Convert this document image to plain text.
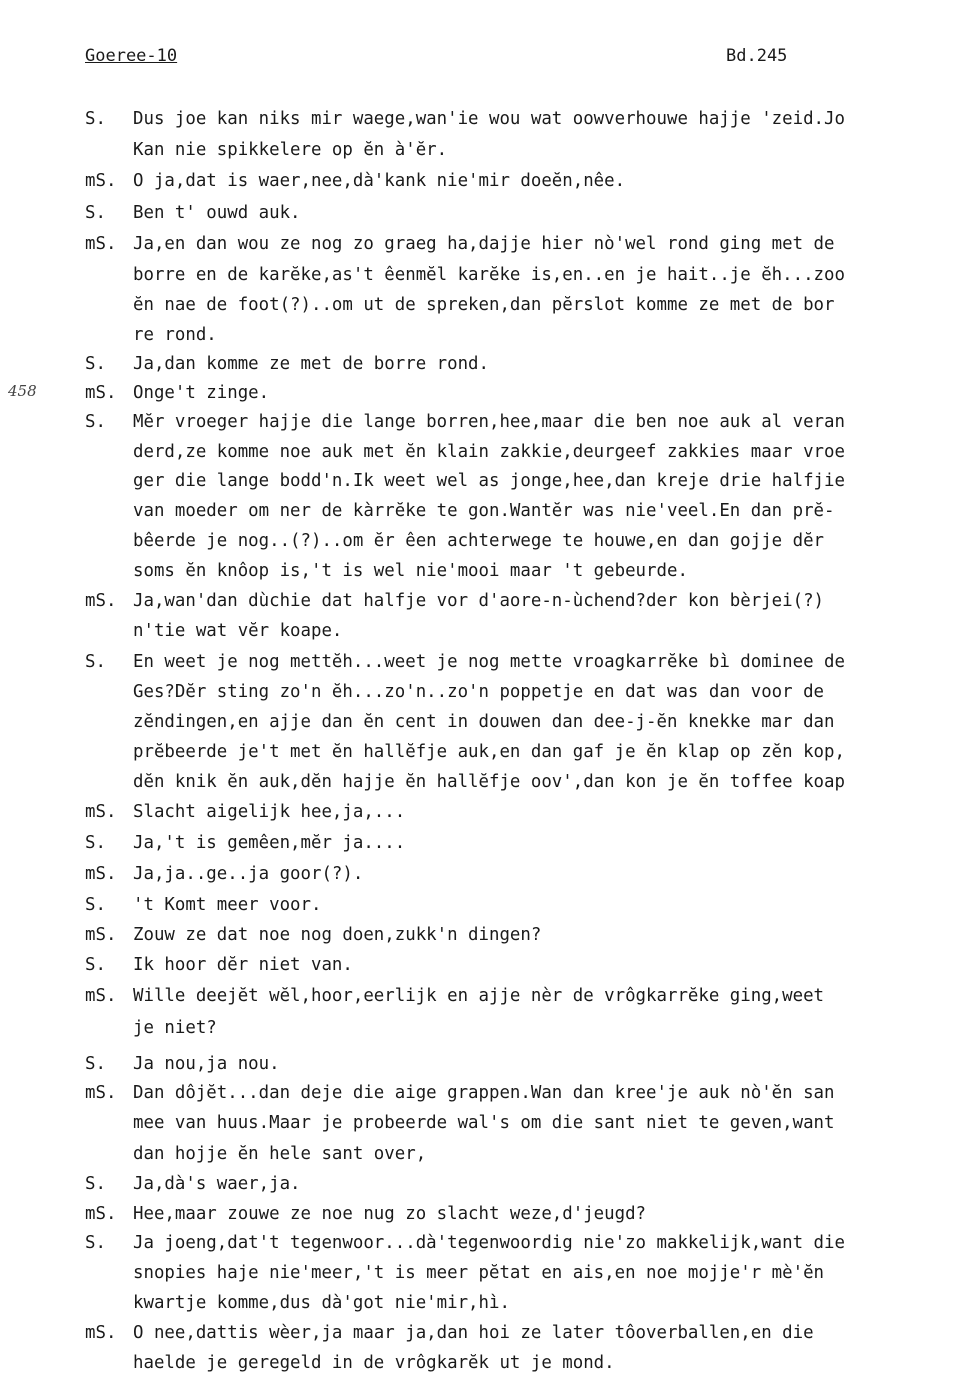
Goeree-10	Bd.245
458
S. Dus joe kan niks mir waege,wan'ie wou wat oowverhouwe hajje 'zeid.Jo
Kan nie spikkelere op ĕn à'ĕr.
mS. O ja,dat is waer,nee,dà'kank nie'mir doeĕn,nêe.
S. Ben t' ouwd auk.
mS. Ja,en dan wou ze nog zo graeg ha,dajje hier nò'wel rond ging met de
borre en de karĕke,as't êenmĕl karĕke is,en..en je hait..je ĕh...zoo
ĕn nae de foot(?)..om ut de spreken,dan pĕrslot komme ze met de bor
re rond.
S. Ja,dan komme ze met de borre rond.
mS. Onge't zinge.
S. Mĕr vroeger hajje die lange borren,hee,maar die ben noe auk al veran
derd,ze komme noe auk met ĕn klain zakkie,deurgeef zakkies maar vroe
ger die lange bodd'n.Ik weet wel as jonge,hee,dan kreje drie halfjie
van moeder om ner de kàrrĕke te gon.Wantĕr was nie'veel.En dan prĕ-
bêerde je nog..(?)..om ĕr êen achterwege te houwe,en dan gojje dĕr
soms ĕn knôop is,'t is wel nie'mooi maar 't gebeurde.
mS. Ja,wan'dan dùchie dat halfje vor d'aore-n-ùchend?der kon bèrjei(?)
n'tie wat vĕr koape.
S. En weet je nog mettĕh...weet je nog mette vroagkarrĕke bì dominee de
Ges?Dĕr sting zo'n ĕh...zo'n..zo'n poppetje en dat was dan voor de
zĕndingen,en ajje dan ĕn cent in douwen dan dee-j-ĕn knekke mar dan
prĕbeerde je't met ĕn hallĕfje auk,en dan gaf je ĕn klap op zĕn kop,
dĕn knik ĕn auk,dĕn hajje ĕn hallĕfje oov',dan kon je ĕn toffee koap
mS. Slacht aigelijk hee,ja,...
S. Ja,'t is gemêen,mĕr ja....
mS. Ja,ja..ge..ja goor(?).
S. 't Komt meer voor.
mS. Zouw ze dat noe nog doen,zukk'n dingen?
S. Ik hoor dĕr niet van.
mS. Wille deejĕt wĕl,hoor,eerlijk en ajje nèr de vrôgkarrĕke ging,weet
je niet?
S. Ja nou,ja nou.
mS. Dan dôjĕt...dan deje die aige grappen.Wan dan kree'je auk nò'ĕn san
mee van huus.Maar je probeerde wal's om die sant niet te geven,want
dan hojje ĕn hele sant over,
S. Ja,dà's waer,ja.
mS. Hee,maar zouwe ze noe nug zo slacht weze,d'jeugd?
S. Ja joeng,dat't tegenwoor...dà'tegenwoordig nie'zo makkelijk,want die
snopies haje nie'meer,'t is meer pĕtat en ais,en noe mojje'r mè'ĕn
kwartje komme,dus dà'got nie'mir,hì.
mS. O nee,dattis wèer,ja maar ja,dan hoi ze later tôoverballen,en die
haelde je geregeld in de vrôgkarĕk ut je mond.
